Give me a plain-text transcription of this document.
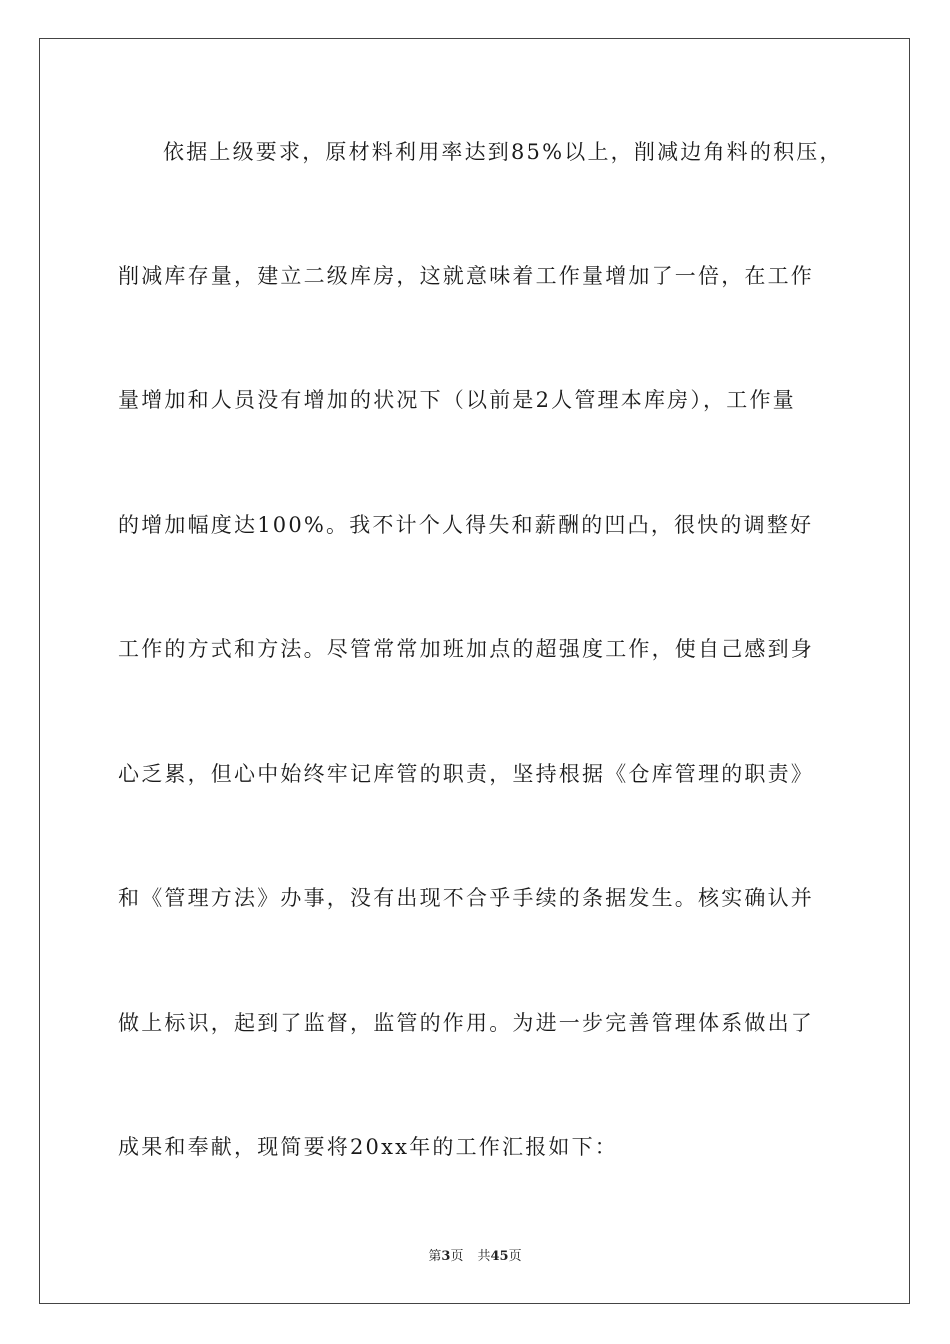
依据上级要求，原材料利用率达到85%以上，削减边角料的积压，
削减库存量，建立二级库房，这就意味着工作量增加了一倍，在工作
量增加和人员没有增加的状况下（以前是2人管理本库房），工作量
的增加幅度达100%。我不计个人得失和薪酬的凹凸，很快的调整好
工作的方式和方法。尽管常常加班加点的超强度工作，使自己感到身
心乏累，但心中始终牢记库管的职责，坚持根据《仓库管理的职责》
和《管理方法》办事，没有出现不合乎手续的条据发生。核实确认并
做上标识，起到了监督，监管的作用。为进一步完善管理体系做出了
成果和奉献，现简要将20xx年的工作汇报如下：
第3页 共45页
